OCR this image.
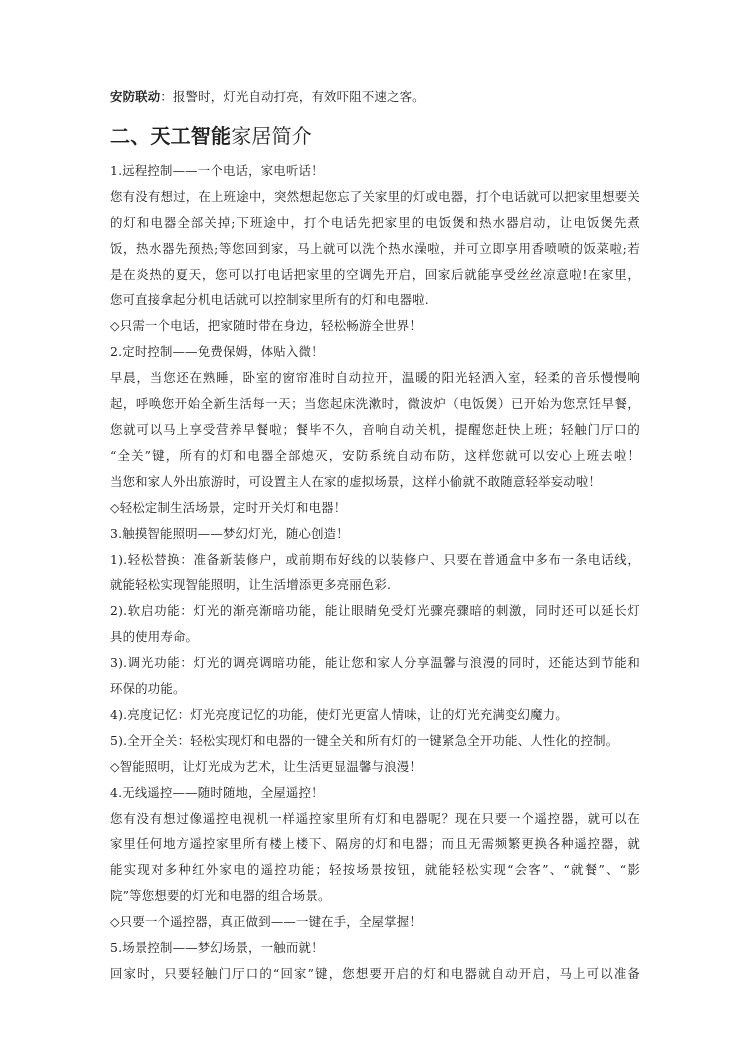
安防联动：报警时，灯光自动打亮，有效吓阻不速之客。
二、天工智能家居简介
1.远程控制——一个电话，家电听话！
您有没有想过，在上班途中，突然想起您忘了关家里的灯或电器，打个电话就可以把家里想要关
的灯和电器全部关掉;下班途中，打个电话先把家里的电饭煲和热水器启动，让电饭煲先煮
饭，热水器先预热;等您回到家，马上就可以洗个热水澡啦，并可立即享用香喷喷的饭菜啦;若
是在炎热的夏天，您可以打电话把家里的空调先开启，回家后就能享受丝丝凉意啦!在家里，
您可直接拿起分机电话就可以控制家里所有的灯和电器啦.
◇只需一个电话，把家随时带在身边，轻松畅游全世界！
2.定时控制——免费保姆，体贴入微！
早晨，当您还在熟睡，卧室的窗帘准时自动拉开，温暖的阳光轻洒入室，轻柔的音乐慢慢响
起，呼唤您开始全新生活每一天；当您起床洗漱时，微波炉（电饭煲）已开始为您烹饪早餐，
您就可以马上享受营养早餐啦；餐毕不久，音响自动关机，提醒您赶快上班；轻触门厅口的
“全关”键，所有的灯和电器全部熄灭，安防系统自动布防，这样您就可以安心上班去啦！
当您和家人外出旅游时，可设置主人在家的虚拟场景，这样小偷就不敢随意轻举妄动啦！
◇轻松定制生活场景，定时开关灯和电器！
3.触摸智能照明——梦幻灯光，随心创造！
1).轻松替换：准备新装修户，或前期布好线的以装修户、只要在普通盒中多布一条电话线，
就能轻松实现智能照明，让生活增添更多亮丽色彩.
2).软启功能：灯光的渐亮渐暗功能，能让眼睛免受灯光骤亮骤暗的刺激，同时还可以延长灯
具的使用寿命。
3).调光功能：灯光的调亮调暗功能，能让您和家人分享温馨与浪漫的同时，还能达到节能和
环保的功能。
4).亮度记忆：灯光亮度记忆的功能，使灯光更富人情味，让的灯光充满变幻魔力。
5).全开全关：轻松实现灯和电器的一键全关和所有灯的一键紧急全开功能、人性化的控制。
◇智能照明，让灯光成为艺术，让生活更显温馨与浪漫！
4.无线遥控——随时随地，全屋遥控！
您有没有想过像遥控电视机一样遥控家里所有灯和电器呢？现在只要一个遥控器，就可以在
家里任何地方遥控家里所有楼上楼下、隔房的灯和电器；而且无需频繁更换各种遥控器，就
能实现对多种红外家电的遥控功能；轻按场景按钮，就能轻松实现“会客”、“就餐”、“影
院”等您想要的灯光和电器的组合场景。
◇只要一个遥控器，真正做到——一键在手，全屋掌握！
5.场景控制——梦幻场景，一触而就！
回家时，只要轻触门厅口的“回家”键，您想要开启的灯和电器就自动开启，马上可以准备
